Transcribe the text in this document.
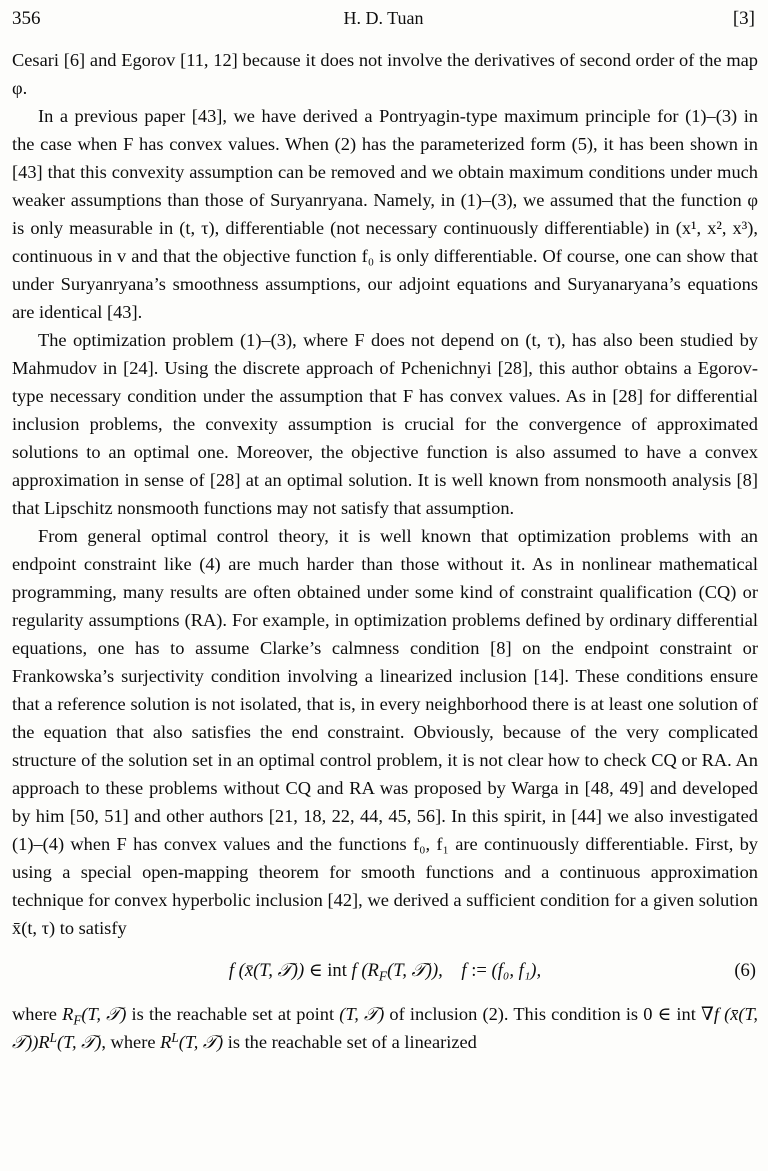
356	H. D. Tuan	[3]

Cesari [6] and Egorov [11, 12] because it does not involve the derivatives of second order of the map φ.

In a previous paper [43], we have derived a Pontryagin-type maximum principle for (1)–(3) in the case when F has convex values. When (2) has the parameterized form (5), it has been shown in [43] that this convexity assumption can be removed and we obtain maximum conditions under much weaker assumptions than those of Suryanryana. Namely, in (1)–(3), we assumed that the function φ is only measurable in (t, τ), differentiable (not necessary continuously differentiable) in (x¹, x², x³), continuous in v and that the objective function f₀ is only differentiable. Of course, one can show that under Suryanryana’s smoothness assumptions, our adjoint equations and Suryanaryana’s equations are identical [43].

The optimization problem (1)–(3), where F does not depend on (t, τ), has also been studied by Mahmudov in [24]. Using the discrete approach of Pchenichnyi [28], this author obtains a Egorov-type necessary condition under the assumption that F has convex values. As in [28] for differential inclusion problems, the convexity assumption is crucial for the convergence of approximated solutions to an optimal one. Moreover, the objective function is also assumed to have a convex approximation in sense of [28] at an optimal solution. It is well known from nonsmooth analysis [8] that Lipschitz nonsmooth functions may not satisfy that assumption.

From general optimal control theory, it is well known that optimization problems with an endpoint constraint like (4) are much harder than those without it. As in nonlinear mathematical programming, many results are often obtained under some kind of constraint qualification (CQ) or regularity assumptions (RA). For example, in optimization problems defined by ordinary differential equations, one has to assume Clarke’s calmness condition [8] on the endpoint constraint or Frankowska’s surjectivity condition involving a linearized inclusion [14]. These conditions ensure that a reference solution is not isolated, that is, in every neighborhood there is at least one solution of the equation that also satisfies the end constraint. Obviously, because of the very complicated structure of the solution set in an optimal control problem, it is not clear how to check CQ or RA. An approach to these problems without CQ and RA was proposed by Warga in [48, 49] and developed by him [50, 51] and other authors [21, 18, 22, 44, 45, 56]. In this spirit, in [44] we also investigated (1)–(4) when F has convex values and the functions f₀, f₁ are continuously differentiable. First, by using a special open-mapping theorem for smooth functions and a continuous approximation technique for convex hyperbolic inclusion [42], we derived a sufficient condition for a given solution x̄(t, τ) to satisfy

f (x̄(T, 𝒯)) ∈ int f ($R_F(T$, 𝒯)), f := (f₀, f₁),	(6)

where $R_F(T$, 𝒯) is the reachable set at point (T, 𝒯) of inclusion (2). This condition is 0 ∈ int ∇f (x̄(T, $𝒯))R^L(T$, 𝒯), where $R^L(T$, 𝒯) is the reachable set of a linearized
